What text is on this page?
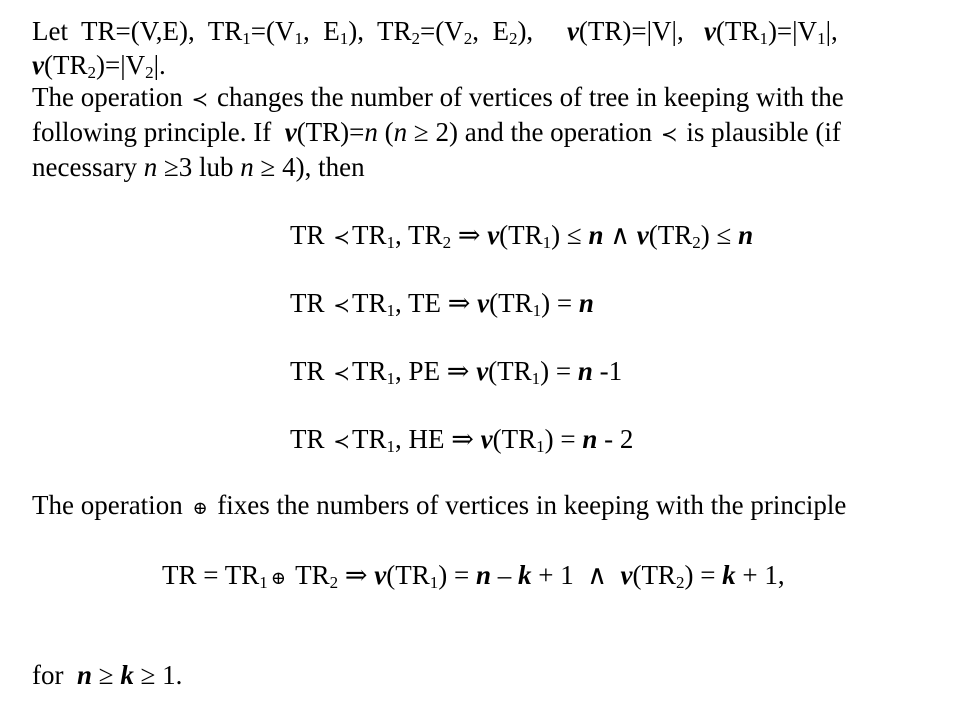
Let  TR=(V,E),  $TR_1=(V_1$,  $E_1$),  $TR_2=(V_2$,  $E_2$),     ν(TR)=|V|,   $\nu(TR_1)=|V_1|$,
$\nu(TR_2)=|V_2|$.
The operation ≺ changes the number of vertices of tree in keeping with the
following principle. If  ν(TR)=n (n ≥ 2) and the operation ≺ is plausible (if
necessary n ≥3 lub n ≥ 4), then
TR $≺TR_1$, $TR_2$ ⇒ $\nu(TR_1) \le n$ ∧ $\nu(TR_2) \le n$
TR $≺TR_1$, TE ⇒ $\nu(TR_1) = n$
TR $≺TR_1$, PE ⇒ $\nu(TR_1) = n$ -1
TR $≺TR_1$, HE ⇒ $\nu(TR_1) = n - 2$
The operation ⊕ fixes the numbers of vertices in keeping with the principle
TR = $TR_1$ ⊕ $TR_2$ ⇒ $\nu(TR_1) = n - k + 1$  ∧  $\nu(TR_2) = k + 1$,
for  n ≥ k ≥ 1.
